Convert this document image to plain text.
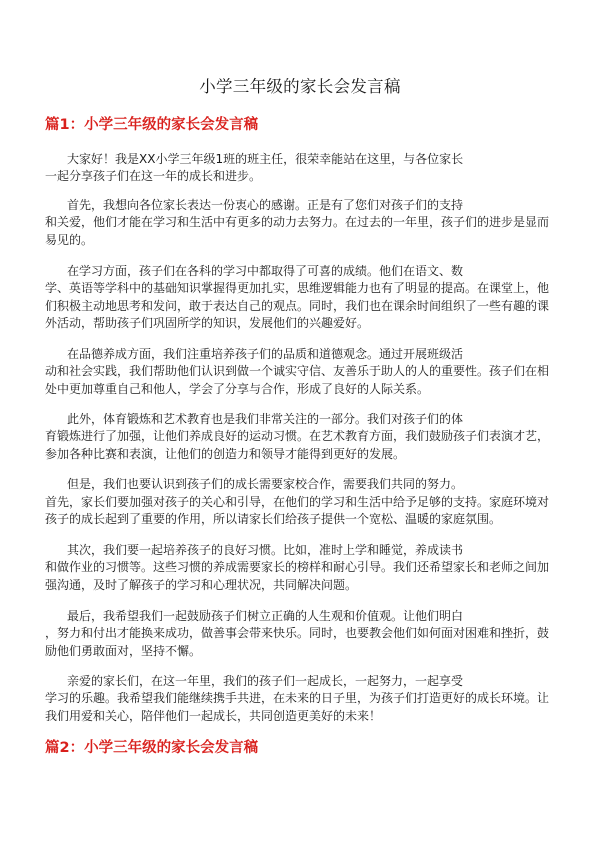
小学三年级的家长会发言稿
篇1：小学三年级的家长会发言稿
大家好！我是XX小学三年级1班的班主任，很荣幸能站在这里，与各位家长
一起分享孩子们在这一年的成长和进步。
首先，我想向各位家长表达一份衷心的感谢。正是有了您们对孩子们的支持
和关爱，他们才能在学习和生活中有更多的动力去努力。在过去的一年里，孩子们的进步是显而
易见的。
在学习方面，孩子们在各科的学习中都取得了可喜的成绩。他们在语文、数
学、英语等学科中的基础知识掌握得更加扎实，思维逻辑能力也有了明显的提高。在课堂上，他
们积极主动地思考和发问，敢于表达自己的观点。同时，我们也在课余时间组织了一些有趣的课
外活动，帮助孩子们巩固所学的知识，发展他们的兴趣爱好。
在品德养成方面，我们注重培养孩子们的品质和道德观念。通过开展班级活
动和社会实践，我们帮助他们认识到做一个诚实守信、友善乐于助人的人的重要性。孩子们在相
处中更加尊重自己和他人，学会了分享与合作，形成了良好的人际关系。
此外，体育锻炼和艺术教育也是我们非常关注的一部分。我们对孩子们的体
育锻炼进行了加强，让他们养成良好的运动习惯。在艺术教育方面，我们鼓励孩子们表演才艺，
参加各种比赛和表演，让他们的创造力和领导才能得到更好的发展。
但是，我们也要认识到孩子们的成长需要家校合作，需要我们共同的努力。
首先，家长们要加强对孩子的关心和引导，在他们的学习和生活中给予足够的支持。家庭环境对
孩子的成长起到了重要的作用，所以请家长们给孩子提供一个宽松、温暖的家庭氛围。
其次，我们要一起培养孩子的良好习惯。比如，准时上学和睡觉，养成读书
和做作业的习惯等。这些习惯的养成需要家长的榜样和耐心引导。我们还希望家长和老师之间加
强沟通，及时了解孩子的学习和心理状况，共同解决问题。
最后，我希望我们一起鼓励孩子们树立正确的人生观和价值观。让他们明白
，努力和付出才能换来成功，做善事会带来快乐。同时，也要教会他们如何面对困难和挫折，鼓
励他们勇敢面对，坚持不懈。
亲爱的家长们，在这一年里，我们的孩子们一起成长，一起努力，一起享受
学习的乐趣。我希望我们能继续携手共进，在未来的日子里，为孩子们打造更好的成长环境。让
我们用爱和关心，陪伴他们一起成长，共同创造更美好的未来！
篇2：小学三年级的家长会发言稿
